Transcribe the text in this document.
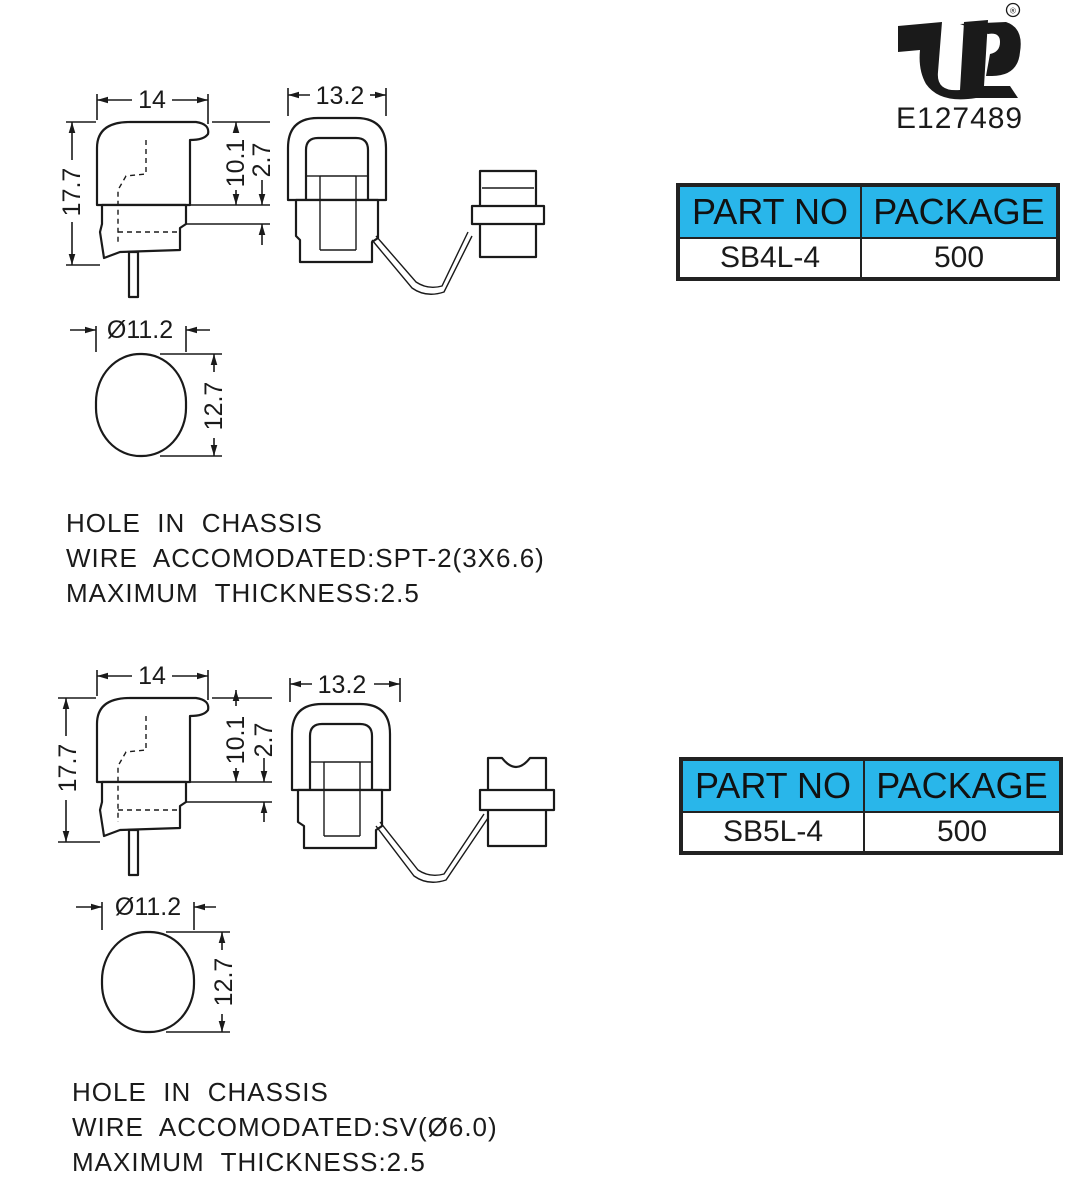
®
E127489
PART NO	PACKAGE
SB4L-4	500
PART NO	PACKAGE
SB5L-4	500
14
17.7
10.1
2.7
13.2
Ø11.2
12.7
HOLE  IN  CHASSIS
WIRE  ACCOMODATED:SPT-2(3X6.6)
MAXIMUM  THICKNESS:2.5
14
17.7
10.1 2.7
13.2
Ø11.2
12.7
HOLE  IN  CHASSIS
WIRE  ACCOMODATED:SV(Ø6.0)
MAXIMUM  THICKNESS:2.5
